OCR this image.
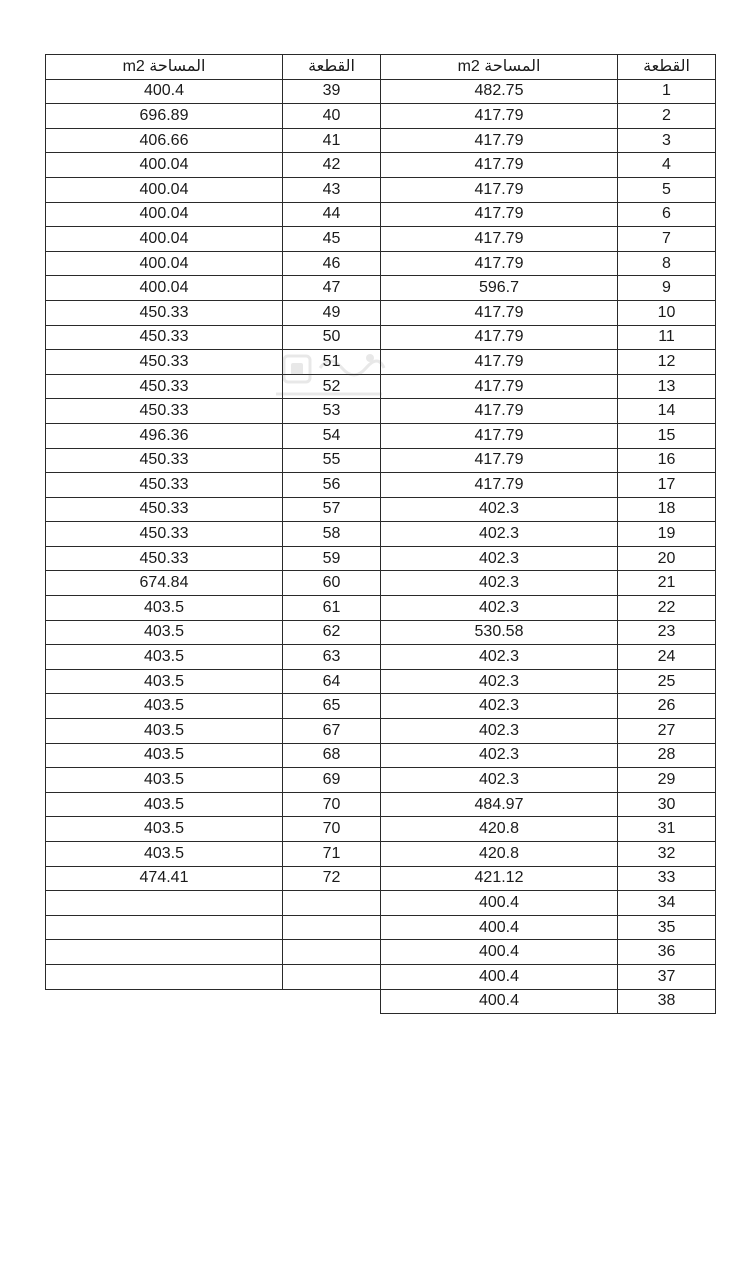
المساحة m2	القطعة
482.75	1
417.79	2
417.79	3
417.79	4
417.79	5
417.79	6
417.79	7
417.79	8
596.7	9
417.79	10
417.79	11
417.79	12
417.79	13
417.79	14
417.79	15
417.79	16
417.79	17
402.3	18
402.3	19
402.3	20
402.3	21
402.3	22
530.58	23
402.3	24
402.3	25
402.3	26
402.3	27
402.3	28
402.3	29
484.97	30
420.8	31
420.8	32
421.12	33
400.4	34
400.4	35
400.4	36
400.4	37
400.4	38
المساحة m2	القطعة
400.4	39
696.89	40
406.66	41
400.04	42
400.04	43
400.04	44
400.04	45
400.04	46
400.04	47
450.33	49
450.33	50
450.33	51
450.33	52
450.33	53
496.36	54
450.33	55
450.33	56
450.33	57
450.33	58
450.33	59
674.84	60
403.5	61
403.5	62
403.5	63
403.5	64
403.5	65
403.5	67
403.5	68
403.5	69
403.5	70
403.5	70
403.5	71
474.41	72
